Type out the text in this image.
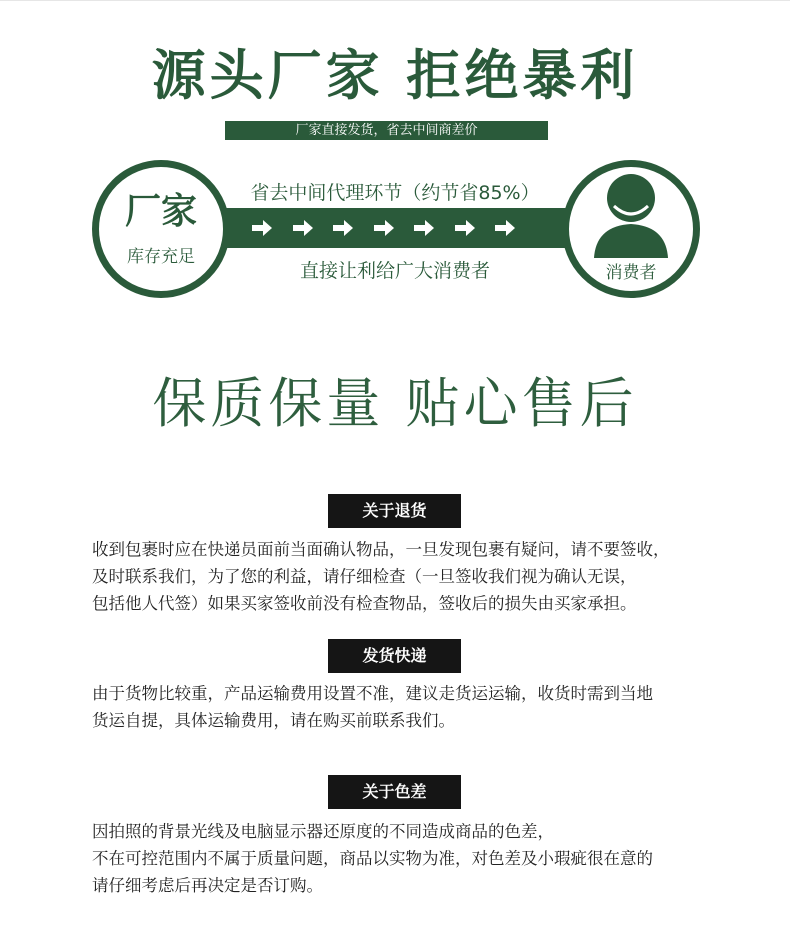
源头厂家 拒绝暴利
厂家直接发货，省去中间商差价
厂家
库存充足
消费者
省去中间代理环节（约节省85%）
直接让利给广大消费者
保质保量 贴心售后
关于退货
收到包裹时应在快递员面前当面确认物品，一旦发现包裹有疑问，请不要签收，
及时联系我们，为了您的利益，请仔细检查（一旦签收我们视为确认无误，
包括他人代签）如果买家签收前没有检查物品，签收后的损失由买家承担。
发货快递
由于货物比较重，产品运输费用设置不准，建议走货运运输，收货时需到当地
货运自提，具体运输费用，请在购买前联系我们。
关于色差
因拍照的背景光线及电脑显示器还原度的不同造成商品的色差，
不在可控范围内不属于质量问题，商品以实物为准，对色差及小瑕疵很在意的
请仔细考虑后再决定是否订购。
